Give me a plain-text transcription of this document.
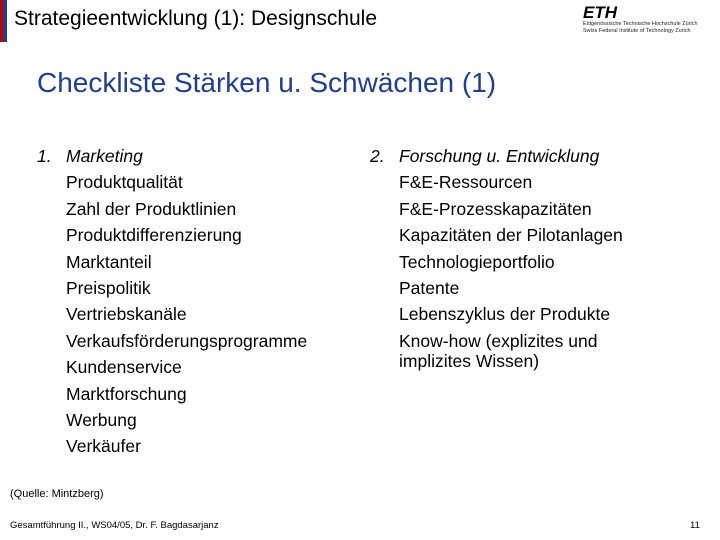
Strategieentwicklung (1): Designschule	ETH
Eidgenössische Technische Hochschule Zürich
Swiss Federal Institute of Technology Zurich
Checkliste Stärken u. Schwächen (1)
1. Marketing
Produktqualität
Zahl der Produktlinien
Produktdifferenzierung
Marktanteil
Preispolitik
Vertriebskanäle
Verkaufsförderungsprogramme
Kundenservice
Marktforschung
Werbung
Verkäufer
2. Forschung u. Entwicklung
F&E-Ressourcen
F&E-Prozesskapazitäten
Kapazitäten der Pilotanlagen
Technologieportfolio
Patente
Lebenszyklus der Produkte
Know-how (explizites und
implizites Wissen)
(Quelle: Mintzberg)
Gesamtführung II., WS04/05, Dr. F. Bagdasarjanz	11
